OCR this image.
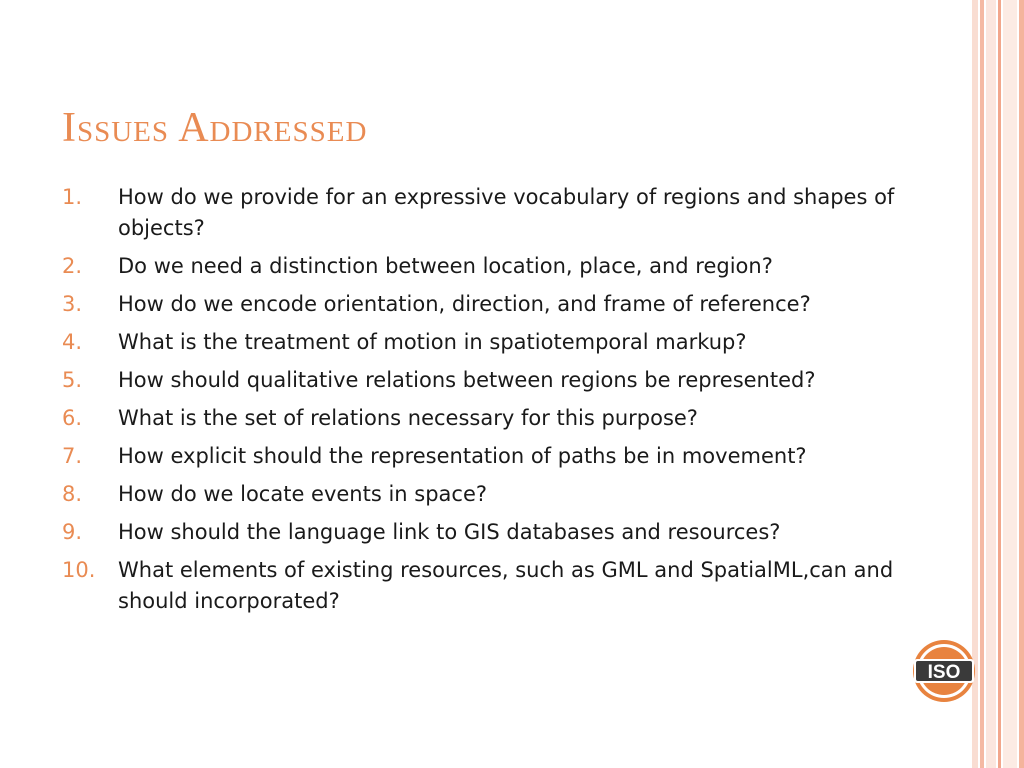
Issues Addressed
1. How do we provide for an expressive vocabulary of regions and shapes of objects?
2. Do we need a distinction between location, place, and region?
3. How do we encode orientation, direction, and frame of reference?
4. What is the treatment of motion in spatiotemporal markup?
5. How should qualitative relations between regions be represented?
6. What is the set of relations necessary for this purpose?
7. How explicit should the representation of paths be in movement?
8. How do we locate events in space?
9. How should the language link to GIS databases and resources?
10. What elements of existing resources, such as GML and SpatialML,can and should incorporated?
ISO
